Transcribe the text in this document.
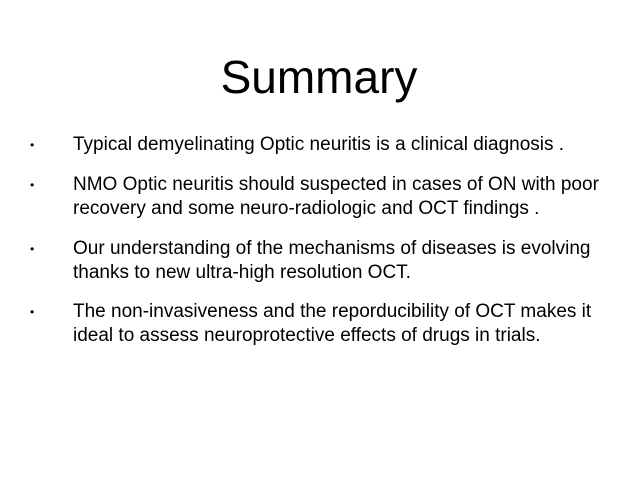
Summary
• Typical demyelinating Optic neuritis is a clinical diagnosis .
• NMO Optic neuritis should suspected in cases of ON with poor recovery and some neuro-radiologic and OCT findings .
• Our understanding of the mechanisms of diseases is evolving thanks to new ultra-high resolution OCT.
• The non-invasiveness and the reporducibility of OCT makes it ideal to assess neuroprotective effects of drugs in trials.
